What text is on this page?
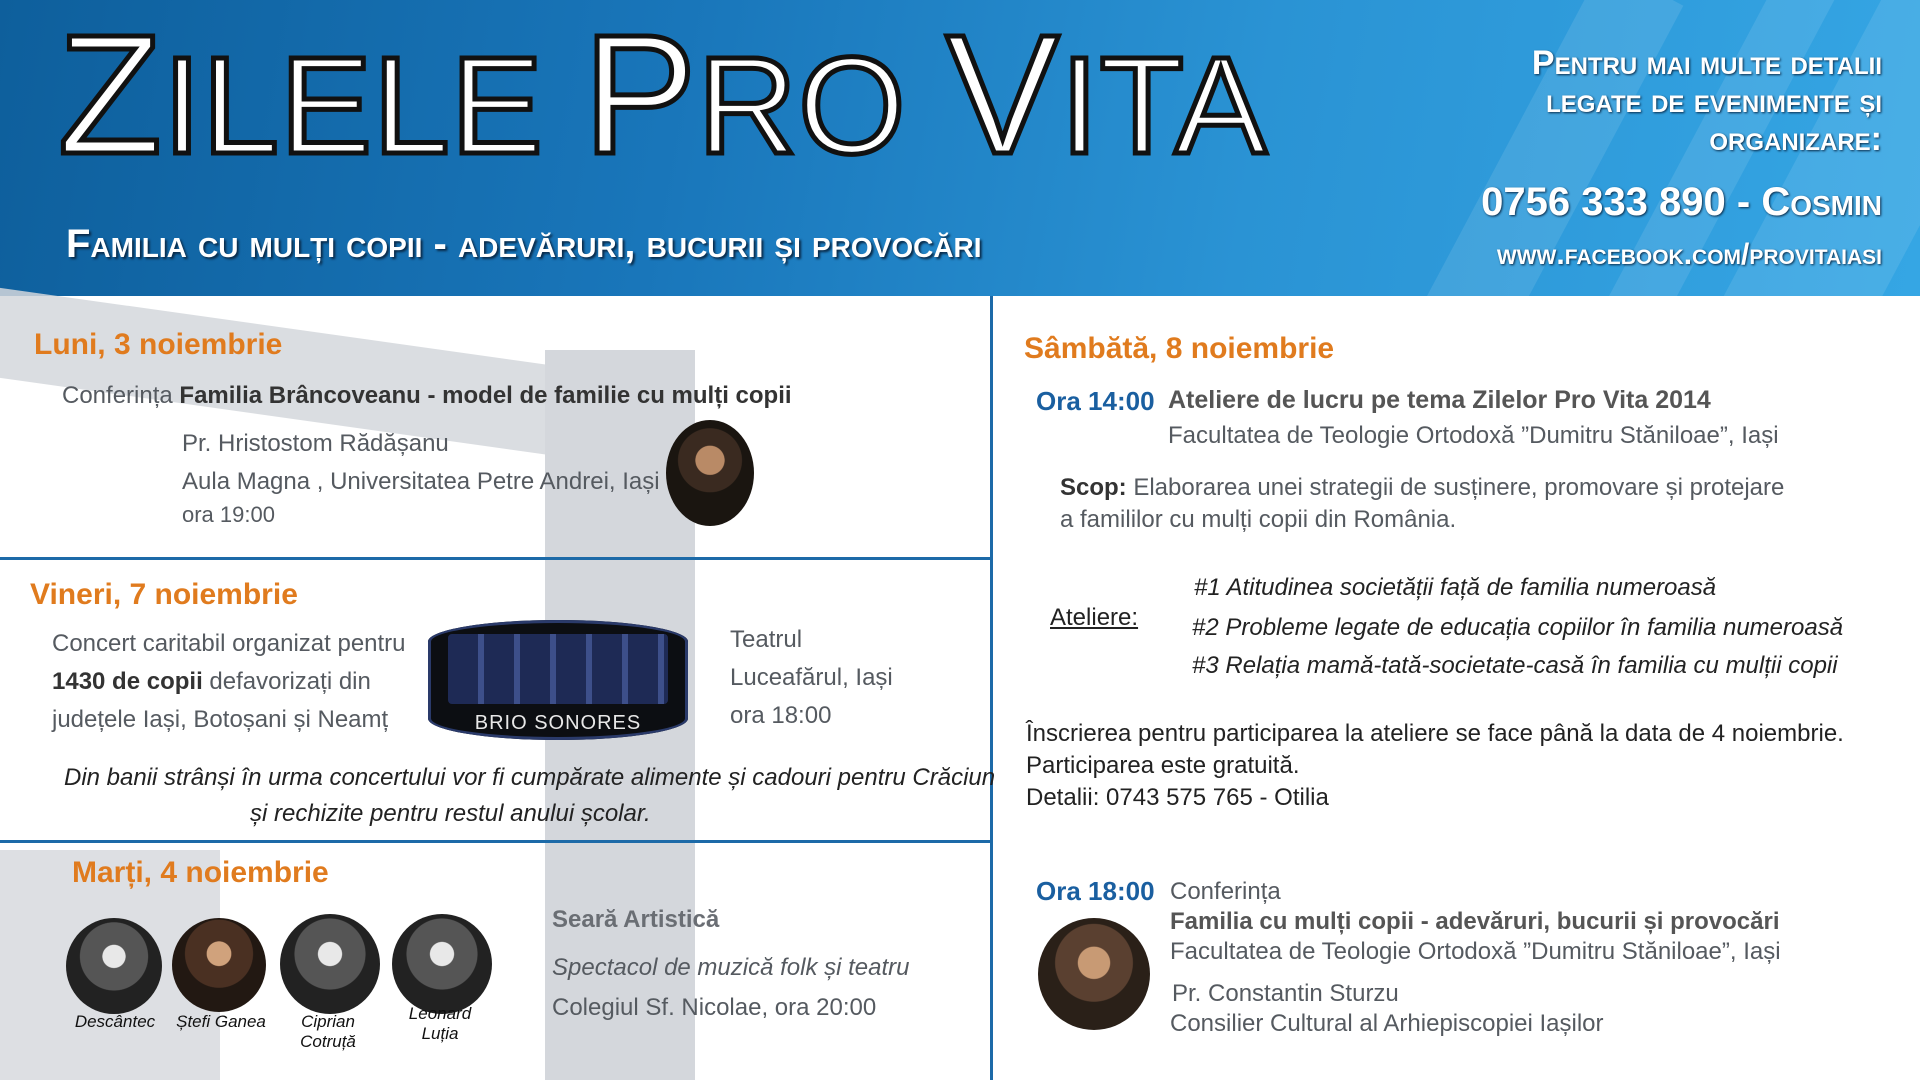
ZILELE PRO VITA
Familia cu mulți copii - adevăruri, bucurii și provocări
Pentru mai multe detalii
legate de evenimente și
organizare:
0756 333 890 - Cosmin
www.facebook.com/provitaiasi
Luni, 3 noiembrie
Conferința Familia Brâncoveanu - model de familie cu mulți copii
Pr. Hristostom Rădășanu
Aula Magna , Universitatea Petre Andrei, Iași
ora 19:00
Vineri, 7 noiembrie
Concert caritabil organizat pentru
1430 de copii defavorizați din
județele Iași, Botoșani și Neamț	BRIO SONORES
Teatrul
Luceafărul, Iași
ora 18:00
Din banii strânși în urma concertului vor fi cumpărate alimente și cadouri pentru Crăciun
și rechizite pentru restul anului școlar.
Marți, 4 noiembrie
Descântec	Ștefi Ganea	Ciprian Cotruță
Leonard Luția
Seară Artistică
Spectacol de muzică folk și teatru
Colegiul Sf. Nicolae, ora 20:00
Sâmbătă, 8 noiembrie
Ora 14:00 Ateliere de lucru pe tema Zilelor Pro Vita 2014
Facultatea de Teologie Ortodoxă ”Dumitru Stăniloae”, Iași
Scop: Elaborarea unei strategii de susținere, promovare și protejare
a famililor cu mulți copii din România.
Ateliere:
#1 Atitudinea societății față de familia numeroasă
#2 Probleme legate de educația copiilor în familia numeroasă
#3 Relația mamă-tată-societate-casă în familia cu mulții copii
Înscrierea pentru participarea la ateliere se face până la data de 4 noiembrie.
Participarea este gratuită.
Detalii: 0743 575 765 - Otilia
Ora 18:00 Conferința
Familia cu mulți copii - adevăruri, bucurii și provocări
Facultatea de Teologie Ortodoxă ”Dumitru Stăniloae”, Iași
Pr. Constantin Sturzu
Consilier Cultural al Arhiepiscopiei Iașilor
